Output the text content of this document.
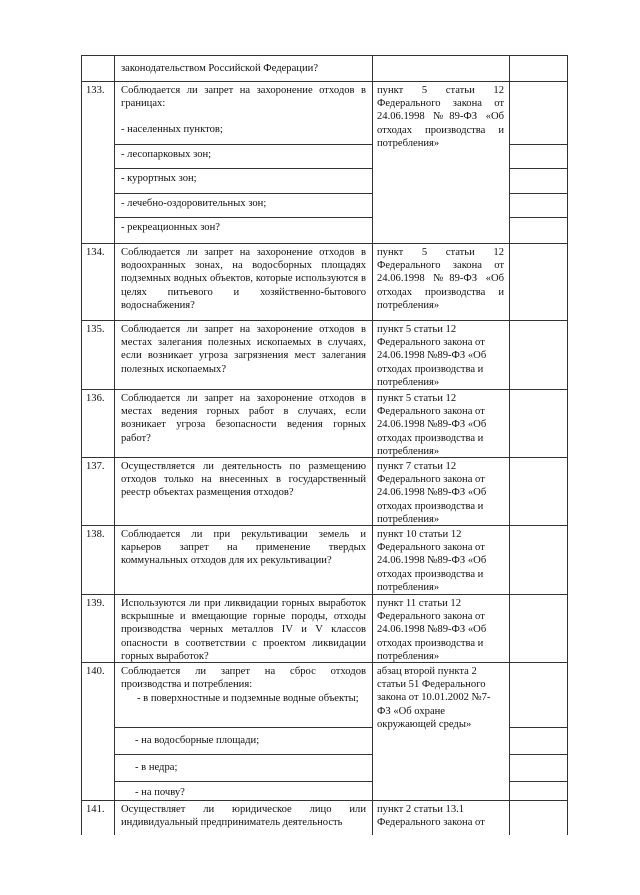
законодательством Российской Федерации?
133. Соблюдается ли запрет на захоронение отходов в границах:
- населенных пунктов;
- лесопарковых зон;
- курортных зон;
- лечебно-оздоровительных зон;
- рекреационных зон?
пункт 5 статьи 12 Федерального закона от 24.06.1998 №89-ФЗ «Об отходах производства и потребления»
134. Соблюдается ли запрет на захоронение отходов в водоохранных зонах, на водосборных площадях подземных водных объектов, которые используются в целях питьевого и хозяйственно-бытового водоснабжения?
пункт 5 статьи 12 Федерального закона от 24.06.1998 №89-ФЗ «Об отходах производства и потребления»
135. Соблюдается ли запрет на захоронение отходов в местах залегания полезных ископаемых в случаях, если возникает угроза загрязнения мест залегания полезных ископаемых?
пункт 5 статьи 12 Федерального закона от 24.06.1998 №89-ФЗ «Об отходах производства и потребления»
136. Соблюдается ли запрет на захоронение отходов в местах ведения горных работ в случаях, если возникает угроза безопасности ведения горных работ?
пункт 5 статьи 12 Федерального закона от 24.06.1998 №89-ФЗ «Об отходах производства и потребления»
137. Осуществляется ли деятельность по размещению отходов только на внесенных в государственный реестр объектах размещения отходов?
пункт 7 статьи 12 Федерального закона от 24.06.1998 №89-ФЗ «Об отходах производства и потребления»
138. Соблюдается ли при рекультивации земель и карьеров запрет на применение твердых коммунальных отходов для их рекультивации?
пункт 10 статьи 12 Федерального закона от 24.06.1998 №89-ФЗ «Об отходах производства и потребления»
139. Используются ли при ликвидации горных выработок вскрышные и вмещающие горные породы, отходы производства черных металлов IV и V классов опасности в соответствии с проектом ликвидации горных выработок?
пункт 11 статьи 12 Федерального закона от 24.06.1998 №89-ФЗ «Об отходах производства и потребления»
140. Соблюдается ли запрет на сброс отходов производства и потребления:
- в поверхностные и подземные водные объекты;
- на водосборные площади;
- в недра;
- на почву?
абзац второй пункта 2 статьи 51 Федерального закона от 10.01.2002 №7-ФЗ «Об охране окружающей среды»
141. Осуществляет ли юридическое лицо или индивидуальный предприниматель деятельность
пункт 2 статьи 13.1 Федерального закона от
